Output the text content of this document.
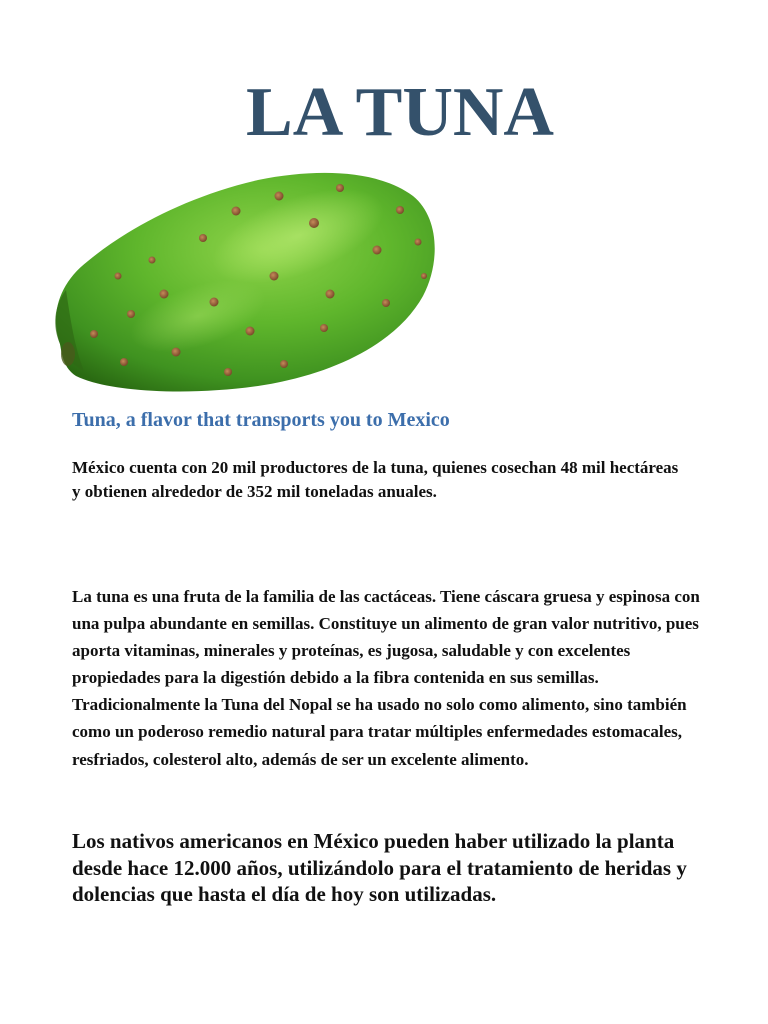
LA TUNA
Tuna, a flavor that transports you to Mexico

México cuenta con 20 mil productores de la tuna, quienes cosechan 48 mil hectáreas y obtienen alrededor de 352 mil toneladas anuales.

La tuna es una fruta de la familia de las cactáceas. Tiene cáscara gruesa y espinosa con una pulpa abundante en semillas. Constituye un alimento de gran valor nutritivo, pues aporta vitaminas, minerales y proteínas, es jugosa, saludable y con excelentes propiedades para la digestión debido a la fibra contenida en sus semillas. Tradicionalmente la Tuna del Nopal se ha usado no solo como alimento, sino también como un poderoso remedio natural para tratar múltiples enfermedades estomacales, resfriados, colesterol alto, además de ser un excelente alimento.

Los nativos americanos en México pueden haber utilizado la planta desde hace 12.000 años, utilizándolo para el tratamiento de heridas y dolencias que hasta el día de hoy son utilizadas.
